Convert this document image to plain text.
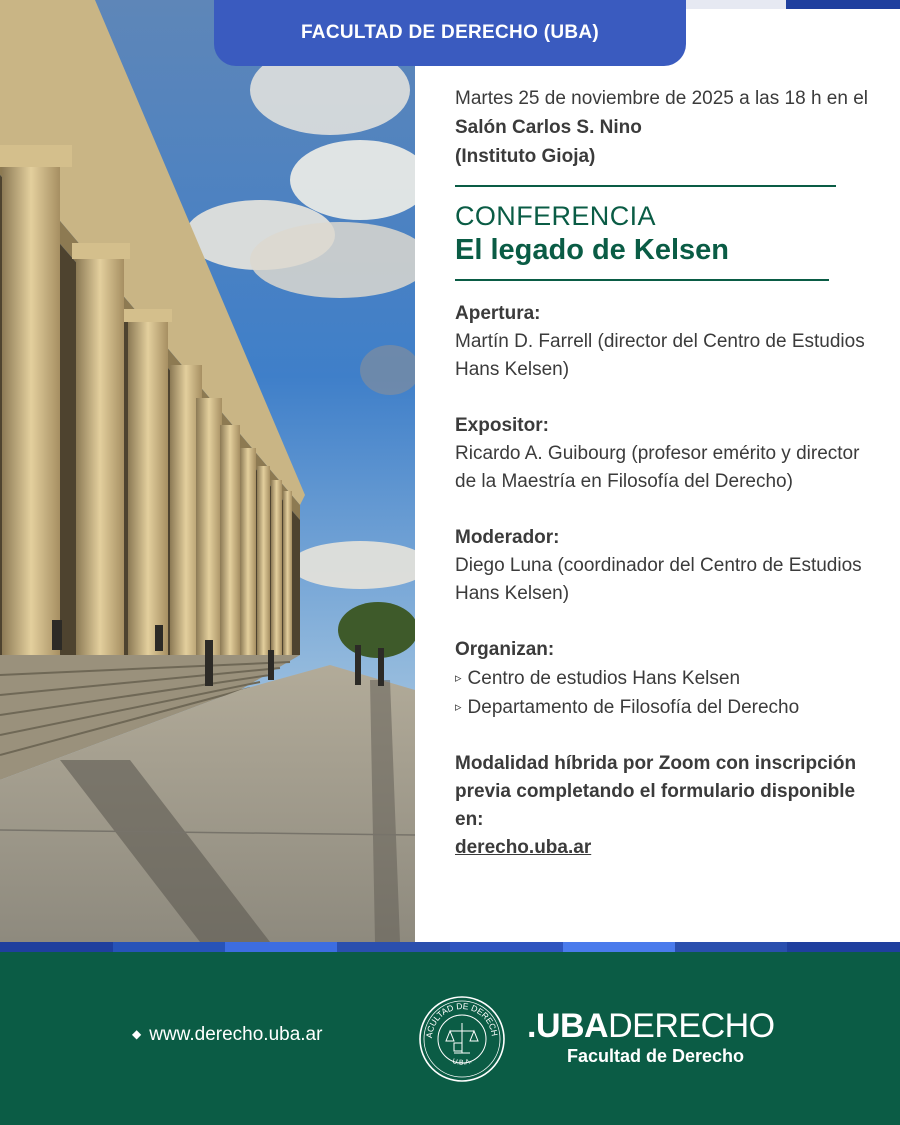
FACULTAD DE DERECHO (UBA)
Martes 25 de noviembre de 2025 a las 18 h en el Salón Carlos S. Nino
(Instituto Gioja)
CONFERENCIA
El legado de Kelsen
Apertura:
Martín D. Farrell (director del Centro de Estudios Hans Kelsen)
Expositor:
Ricardo A. Guibourg (profesor emérito y director de la Maestría en Filosofía del Derecho)
Moderador:
Diego Luna (coordinador del Centro de Estudios Hans Kelsen)
Organizan:
▹ Centro de estudios Hans Kelsen
▹ Departamento de Filosofía del Derecho
Modalidad híbrida por Zoom con inscripción previa completando el formulario disponible en:
derecho.uba.ar
◆ www.derecho.uba.ar	ACULTAD DE DERECH
U.B.A.
.UBADERECHO
Facultad de Derecho
